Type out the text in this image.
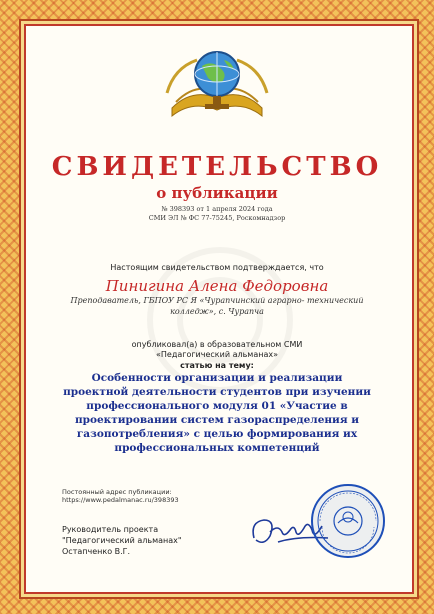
СВИДЕТЕЛЬСТВО
о публикации
№ 398393 от 1 апреля 2024 года
СМИ ЭЛ № ФС 77-75245, Роскомнадзор
Настоящим свидетельством подтверждается, что
Пинигина Алена Федоровна
Преподаватель, ГБПОУ РС Я «Чурапчинский аграрно- технический колледж», с. Чурапча
опубликовал(а) в образовательном СМИ
«Педагогический альманах»
статью на тему:
Особенности организации и реализации проектной деятельности студентов при изучении профессионального модуля 01 «Участие в проектировании систем газораспределения и газопотребления» с целью формирования их профессиональных компетенций
Постоянный адрес публикации:
https://www.pedalmanac.ru/398393
Руководитель проекта
"Педагогический альманах"
Остапченко В.Г.
